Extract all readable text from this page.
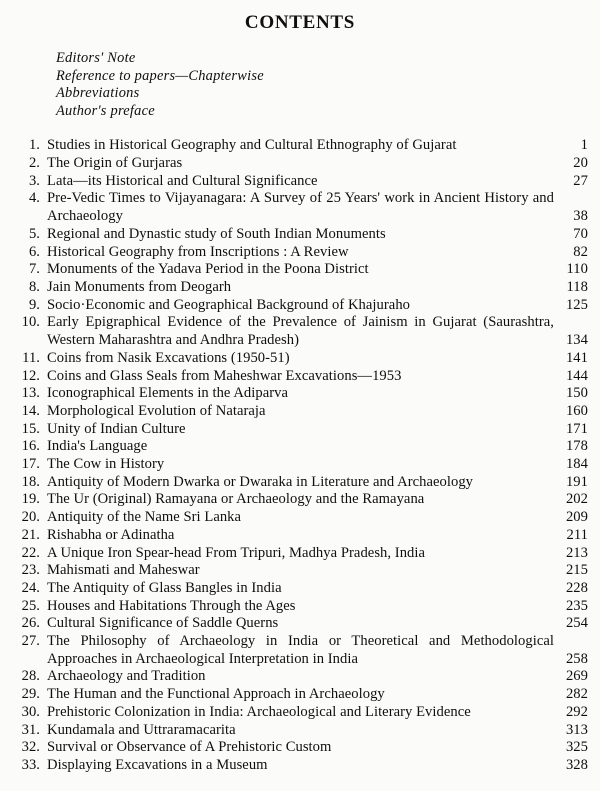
CONTENTS
Editors' Note
Reference to papers—Chapterwise
Abbreviations
Author's preface
1. Studies in Historical Geography and Cultural Ethnography of Gujarat	1
2. The Origin of Gurjaras	20
3. Lata—its Historical and Cultural Significance	27
4. Pre-Vedic Times to Vijayanagara: A Survey of 25 Years' work in Ancient History and Archaeology	38
5. Regional and Dynastic study of South Indian Monuments	70
6. Historical Geography from Inscriptions : A Review	82
7. Monuments of the Yadava Period in the Poona District	110
8. Jain Monuments from Deogarh	118
9. Socio·Economic and Geographical Background of Khajuraho	125
10. Early Epigraphical Evidence of the Prevalence of Jainism in Gujarat (Saurashtra, Western Maharashtra and Andhra Pradesh)	134
11. Coins from Nasik Excavations (1950-51)	141
12. Coins and Glass Seals from Maheshwar Excavations—1953	144
13. Iconographical Elements in the Adiparva	150
14. Morphological Evolution of Nataraja	160
15. Unity of Indian Culture	171
16. India's Language	178
17. The Cow in History	184
18. Antiquity of Modern Dwarka or Dwaraka in Literature and Archaeology	191
19. The Ur (Original) Ramayana or Archaeology and the Ramayana	202
20. Antiquity of the Name Sri Lanka	209
21. Rishabha or Adinatha	211
22. A Unique Iron Spear-head From Tripuri, Madhya Pradesh, India	213
23. Mahismati and Maheswar	215
24. The Antiquity of Glass Bangles in India	228
25. Houses and Habitations Through the Ages	235
26. Cultural Significance of Saddle Querns	254
27. The Philosophy of Archaeology in India or Theoretical and Methodological Approaches in Archaeological Interpretation in India	258
28. Archaeology and Tradition	269
29. The Human and the Functional Approach in Archaeology	282
30. Prehistoric Colonization in India: Archaeological and Literary Evidence	292
31. Kundamala and Uttraramacarita	313
32. Survival or Observance of A Prehistoric Custom	325
33. Displaying Excavations in a Museum	328
